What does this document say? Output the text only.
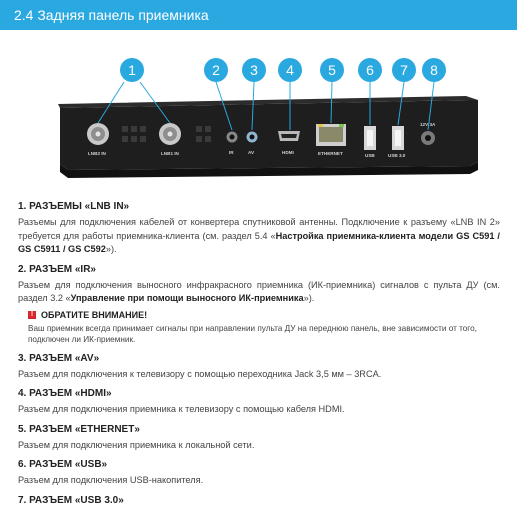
2.4 Задняя панель приемника
LNB2 IN	LNB1 IN	IR	AV	HDMI	ETHERNET	USB	USB 3.0
12V 3A
1	2 3 4 5 6 7 8
1. РАЗЪЕМЫ «LNB IN»
Разъемы для подключения кабелей от конвертера спутниковой антенны. Подключение к разъему «LNB IN 2» требуется для работы приемника-клиента (см. раздел 5.4 «Настройка приемника-клиента модели GS C591 / GS C5911 / GS C592»).
2. РАЗЪЕМ «IR»
Разъем для подключения выносного инфракрасного приемника (ИК-приемника) сигналов с пульта ДУ (см. раздел 3.2 «Управление при помощи выносного ИК-приемника»).
! ОБРАТИТЕ ВНИМАНИЕ!
Ваш приемник всегда принимает сигналы при направлении пульта ДУ на переднюю панель, вне зависимости от того, подключен ли ИК-приемник.
3. РАЗЪЕМ «AV»
Разъем для подключения к телевизору с помощью переходника Jack 3,5 мм – 3RCA.
4. РАЗЪЕМ «HDMI»
Разъем для подключения приемника к телевизору с помощью кабеля HDMI.
5. РАЗЪЕМ «ETHERNET»
Разъем для подключения приемника к локальной сети.
6. РАЗЪЕМ «USB»
Разъем для подключения USB-накопителя.
7. РАЗЪЕМ «USB 3.0»
